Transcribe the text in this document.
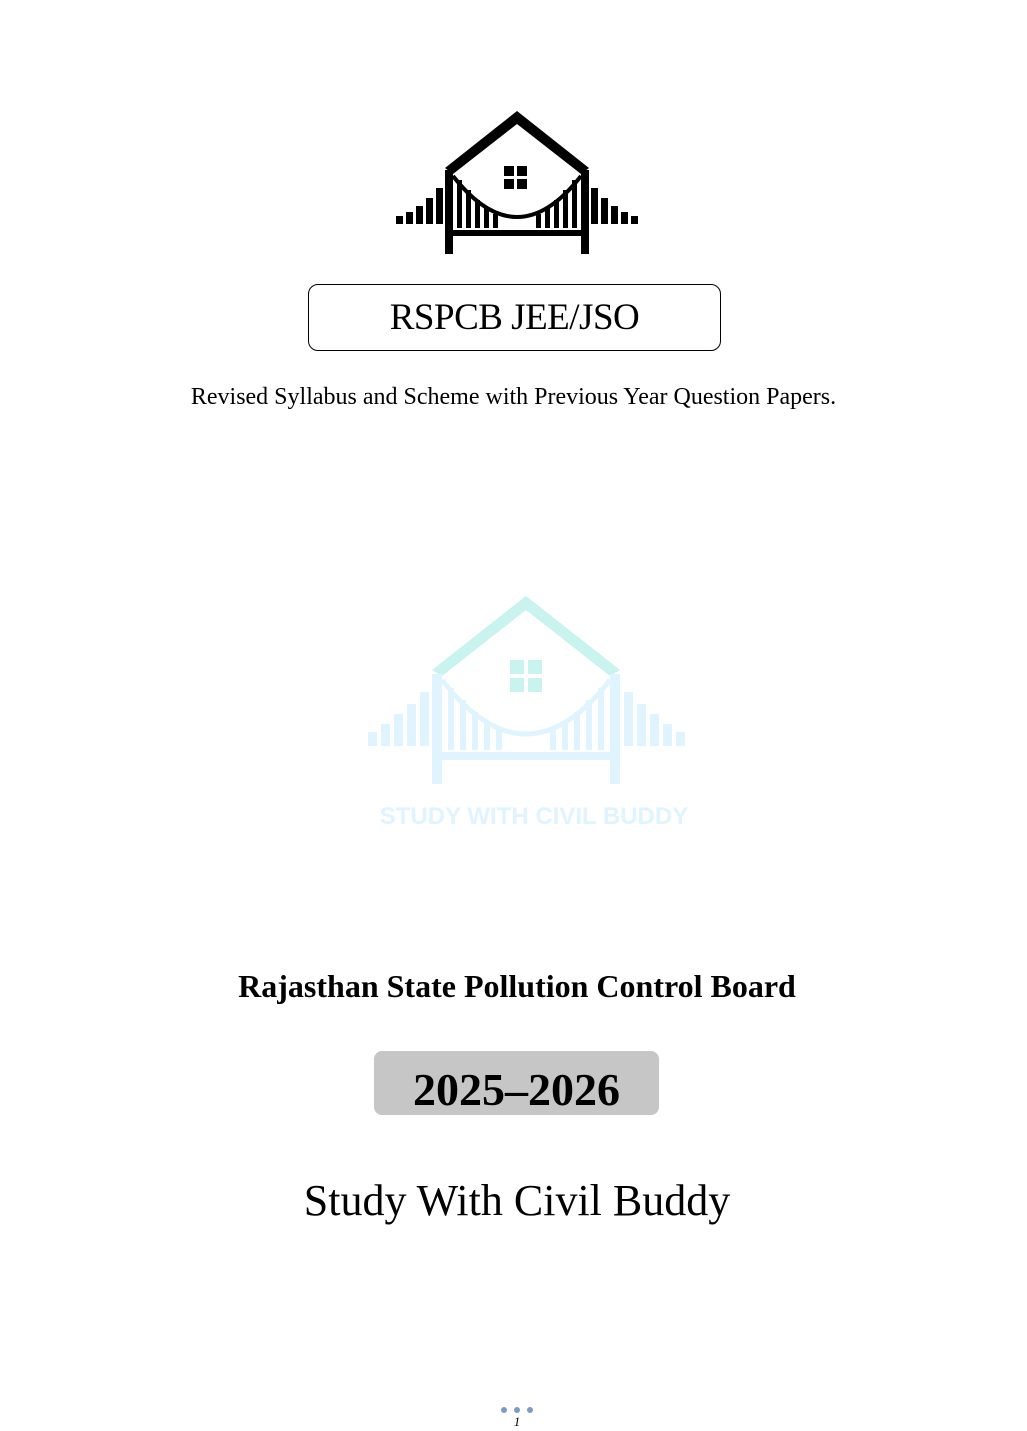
RSPCB JEE/JSO
Revised Syllabus and Scheme with Previous Year Question Papers.
STUDY WITH CIVIL BUDDY
Rajasthan State Pollution Control Board
2025–2026
Study With Civil Buddy
1
